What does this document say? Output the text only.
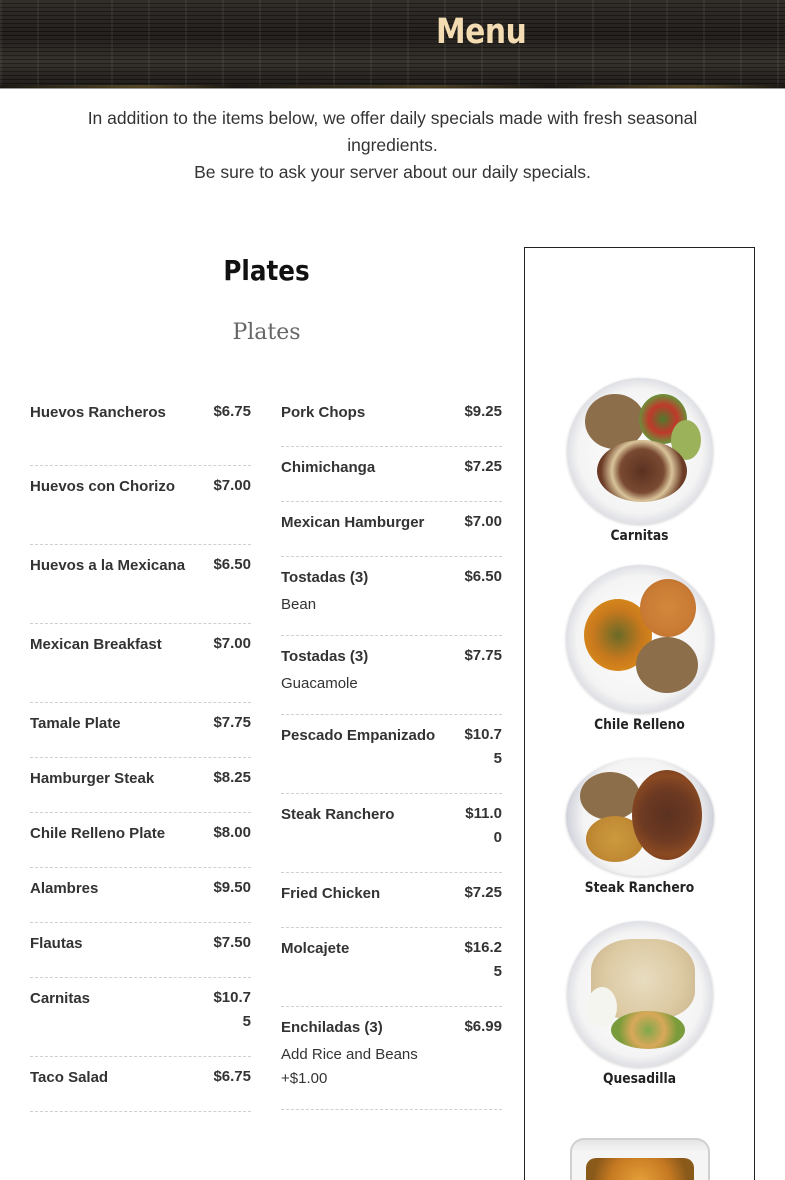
Menu
In addition to the items below, we offer daily specials made with fresh seasonal ingredients.
Be sure to ask your server about our daily specials.
Plates
Plates
Huevos Rancheros	$6.75
Huevos con Chorizo	$7.00
Huevos a la Mexicana $6.50
Mexican Breakfast	$7.00
Tamale Plate	$7.75
Hamburger Steak	$8.25
Chile Relleno Plate	$8.00
Alambres	$9.50
Flautas	$7.50
Carnitas	$10.75
Taco Salad	$6.75
Pork Chops	$9.25
Chimichanga	$7.25
Mexican Hamburger	$7.00
Tostadas (3)	$6.50
Bean
Tostadas (3)	$7.75
Guacamole
Pescado Empanizado $10.75
Steak Ranchero	$11.00
Fried Chicken	$7.25
Molcajete	$16.25
Enchiladas (3)	$6.99
Add Rice and Beans +$1.00
Carnitas
Chile Relleno
Steak Ranchero
Quesadilla
